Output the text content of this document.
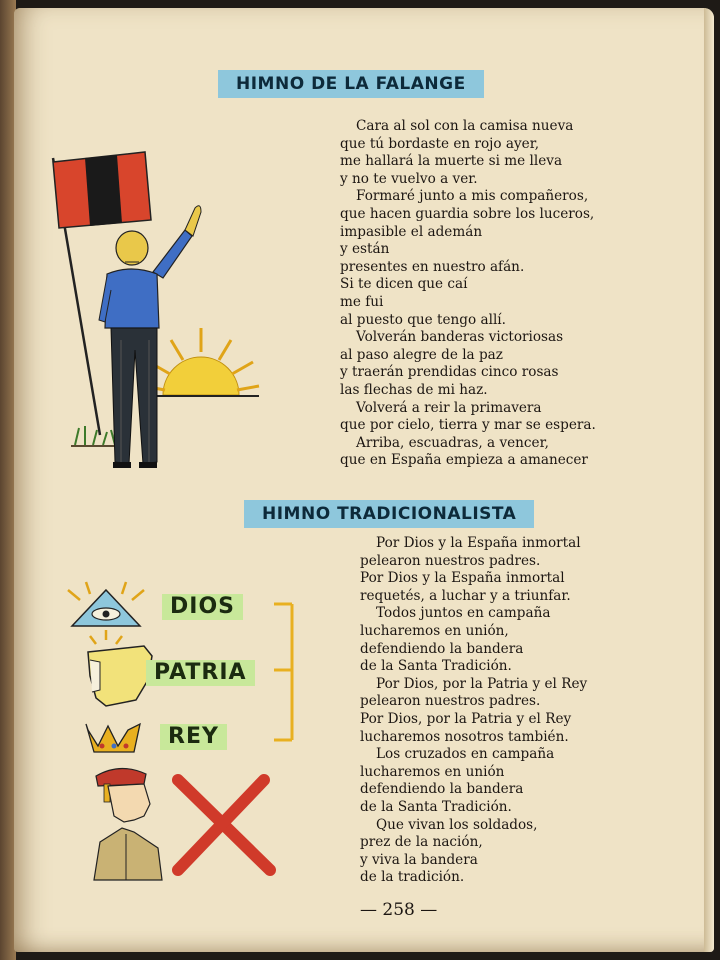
HIMNO DE LA FALANGE
Cara al sol con la camisa nueva
que tú bordaste en rojo ayer,
me hallará la muerte si me lleva
y no te vuelvo a ver.
Formaré junto a mis compañeros,
que hacen guardia sobre los luceros,
impasible el ademán
y están
presentes en nuestro afán.
Si te dicen que caí
me fui
al puesto que tengo allí.
Volverán banderas victoriosas
al paso alegre de la paz
y traerán prendidas cinco rosas
las flechas de mi haz.
Volverá a reir la primavera
que por cielo, tierra y mar se espera.
Arriba, escuadras, a vencer,
que en España empieza a amanecer
HIMNO TRADICIONALISTA
DIOS
PATRIA
REY
Por Dios y la España inmortal
pelearon nuestros padres.
Por Dios y la España inmortal
requetés, a luchar y a triunfar.
Todos juntos en campaña
lucharemos en unión,
defendiendo la bandera
de la Santa Tradición.
Por Dios, por la Patria y el Rey
pelearon nuestros padres.
Por Dios, por la Patria y el Rey
lucharemos nosotros también.
Los cruzados en campaña
lucharemos en unión
defendiendo la bandera
de la Santa Tradición.
Que vivan los soldados,
prez de la nación,
y viva la bandera
de la tradición.
— 258 —
